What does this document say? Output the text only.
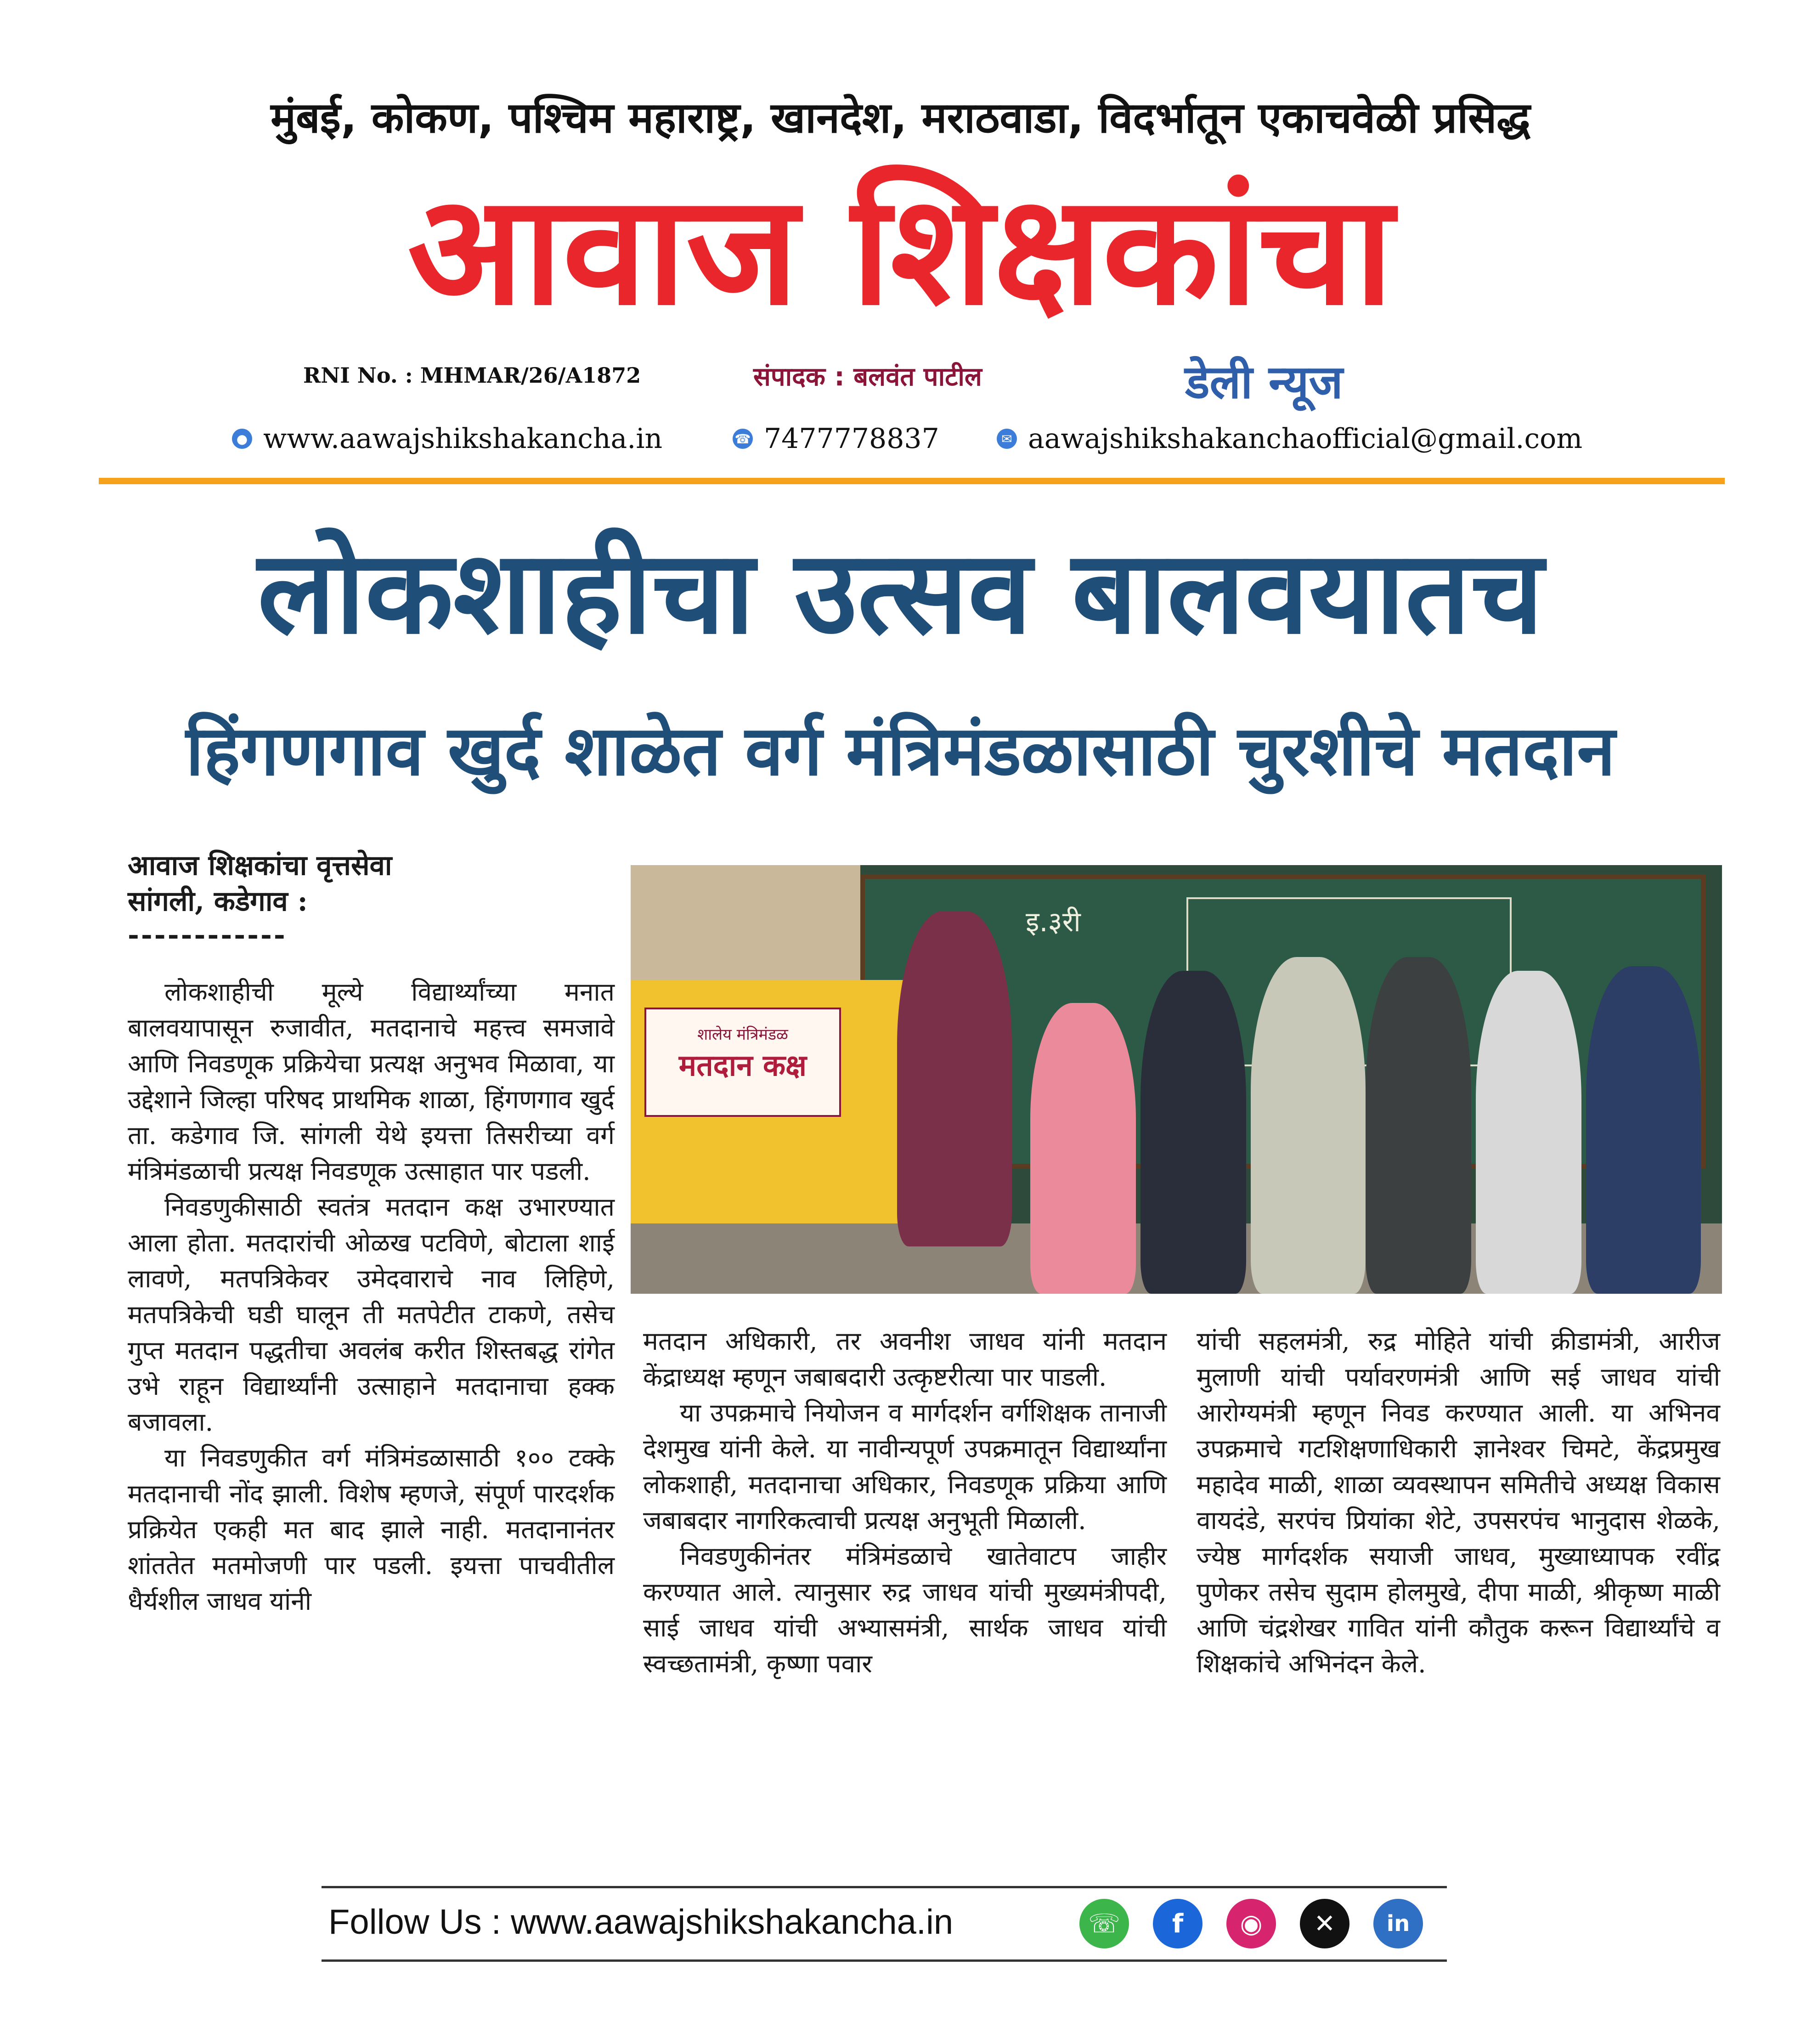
मुंबई, कोकण, पश्चिम महाराष्ट्र, खानदेश, मराठवाडा, विदर्भातून एकाचवेळी प्रसिद्ध
आवाज शिक्षकांचा
RNI No. : MHMAR/26/A1872	संपादक : बलवंत पाटील	डेली न्यूज
● www.aawajshikshakancha.in	☎ 7477778837	✉ aawajshikshakanchaofficial@gmail.com
लोकशाहीचा उत्सव बालवयातच
हिंगणगाव खुर्द शाळेत वर्ग मंत्रिमंडळासाठी चुरशीचे मतदान
आवाज शिक्षकांचा वृत्तसेवा
सांगली, कडेगाव :
------------

लोकशाहीची मूल्ये विद्यार्थ्यांच्या मनात बालवयापासून रुजावीत, मतदानाचे महत्त्व समजावे आणि निवडणूक प्रक्रियेचा प्रत्यक्ष अनुभव मिळावा, या उद्देशाने जिल्हा परिषद प्राथमिक शाळा, हिंगणगाव खुर्द ता. कडेगाव जि. सांगली येथे इयत्ता तिसरीच्या वर्ग मंत्रिमंडळाची प्रत्यक्ष निवडणूक उत्साहात पार पडली.

निवडणुकीसाठी स्वतंत्र मतदान कक्ष उभारण्यात आला होता. मतदारांची ओळख पटविणे, बोटाला शाई लावणे, मतपत्रिकेवर उमेदवाराचे नाव लिहिणे, मतपत्रिकेची घडी घालून ती मतपेटीत टाकणे, तसेच गुप्त मतदान पद्धतीचा अवलंब करीत शिस्तबद्ध रांगेत उभे राहून विद्यार्थ्यांनी उत्साहाने मतदानाचा हक्क बजावला.

या निवडणुकीत वर्ग मंत्रिमंडळासाठी १०० टक्के मतदानाची नोंद झाली. विशेष म्हणजे, संपूर्ण पारदर्शक प्रक्रियेत एकही मत बाद झाले नाही. मतदानानंतर शांततेत मतमोजणी पार पडली. इयत्ता पाचवीतील धैर्यशील जाधव यांनी

इ.३री
शालेय मंत्रिमंडळ
मतदान कक्ष

मतदान अधिकारी, तर अवनीश जाधव यांनी मतदान केंद्राध्यक्ष म्हणून जबाबदारी उत्कृष्टरीत्या पार पाडली.

या उपक्रमाचे नियोजन व मार्गदर्शन वर्गशिक्षक तानाजी देशमुख यांनी केले. या नावीन्यपूर्ण उपक्रमातून विद्यार्थ्यांना लोकशाही, मतदानाचा अधिकार, निवडणूक प्रक्रिया आणि जबाबदार नागरिकत्वाची प्रत्यक्ष अनुभूती मिळाली.

निवडणुकीनंतर मंत्रिमंडळाचे खातेवाटप जाहीर करण्यात आले. त्यानुसार रुद्र जाधव यांची मुख्यमंत्रीपदी, साई जाधव यांची अभ्यासमंत्री, सार्थक जाधव यांची स्वच्छतामंत्री, कृष्णा पवार

यांची सहलमंत्री, रुद्र मोहिते यांची क्रीडामंत्री, आरीज मुलाणी यांची पर्यावरणमंत्री आणि सई जाधव यांची आरोग्यमंत्री म्हणून निवड करण्यात आली. या अभिनव उपक्रमाचे गटशिक्षणाधिकारी ज्ञानेश्वर चिमटे, केंद्रप्रमुख महादेव माळी, शाळा व्यवस्थापन समितीचे अध्यक्ष विकास वायदंडे, सरपंच प्रियांका शेटे, उपसरपंच भानुदास शेळके, ज्येष्ठ मार्गदर्शक सयाजी जाधव, मुख्याध्यापक रवींद्र पुणेकर तसेच सुदाम होलमुखे, दीपा माळी, श्रीकृष्ण माळी आणि चंद्रशेखर गावित यांनी कौतुक करून विद्यार्थ्यांचे व शिक्षकांचे अभिनंदन केले.

Follow Us : www.aawajshikshakancha.in	☏	f	◉	✕	in
